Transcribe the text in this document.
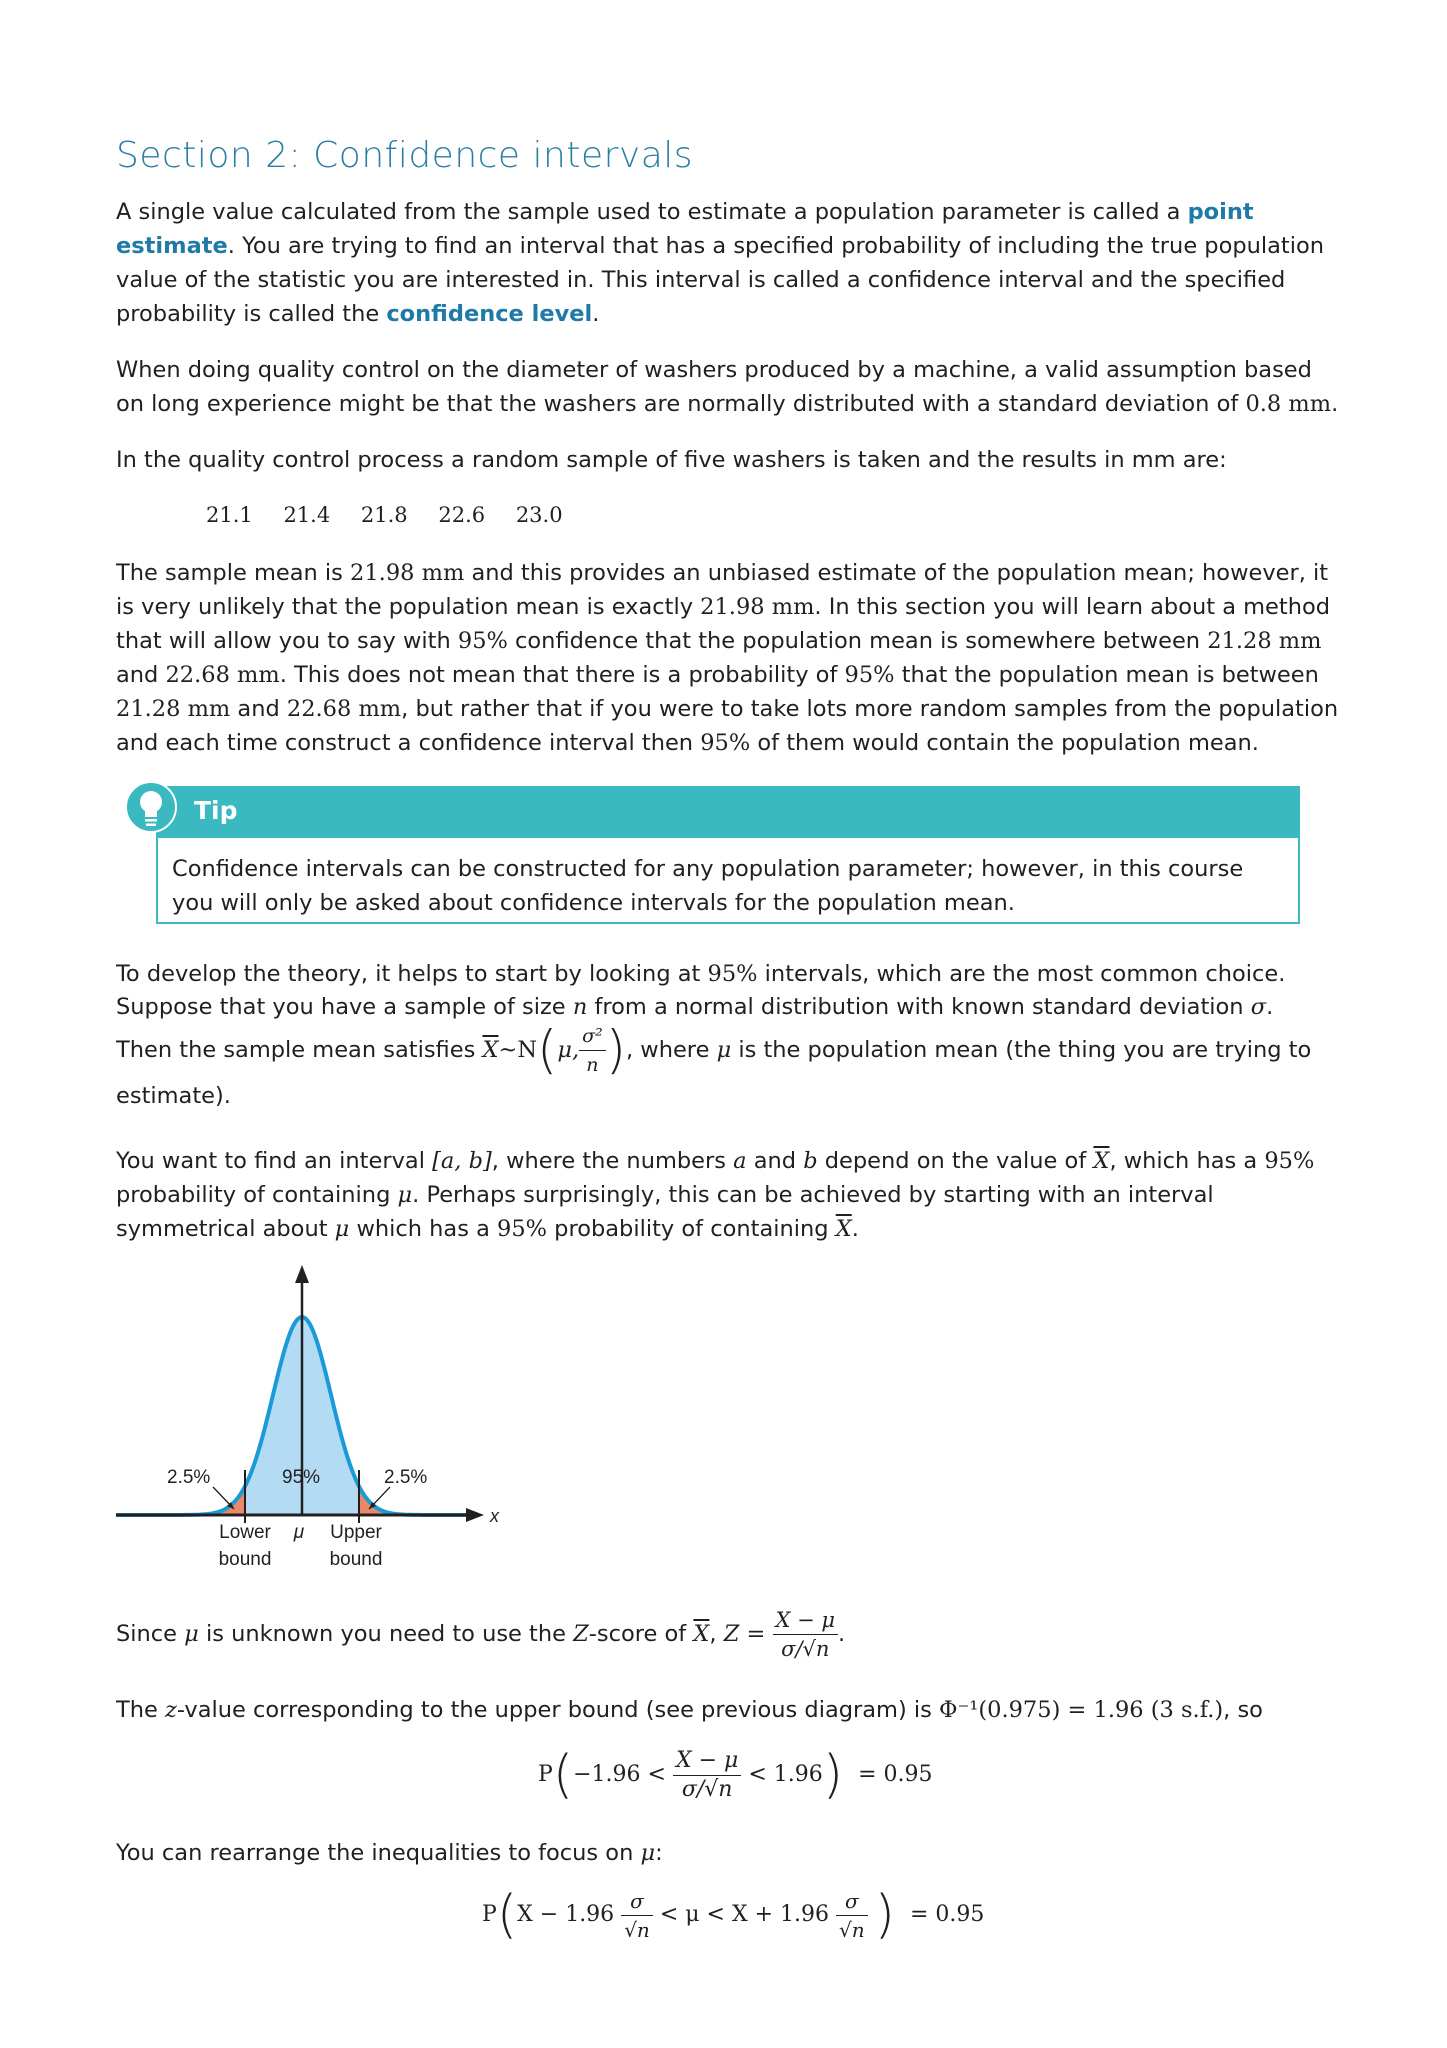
Section 2: Confidence intervals

A single value calculated from the sample used to estimate a population parameter is called a point estimate. You are trying to find an interval that has a specified probability of including the true population value of the statistic you are interested in. This interval is called a confidence interval and the specified probability is called the confidence level.

When doing quality control on the diameter of washers produced by a machine, a valid assumption based on long experience might be that the washers are normally distributed with a standard deviation of 0.8 mm.

In the quality control process a random sample of five washers is taken and the results in mm are:

21.1 21.4 21.8 22.6 23.0

The sample mean is 21.98 mm and this provides an unbiased estimate of the population mean; however, it is very unlikely that the population mean is exactly 21.98 mm. In this section you will learn about a method that will allow you to say with 95% confidence that the population mean is somewhere between 21.28 mm and 22.68 mm. This does not mean that there is a probability of 95% that the population mean is between 21.28 mm and 22.68 mm, but rather that if you were to take lots more random samples from the population and each time construct a confidence interval then 95% of them would contain the population mean.

Tip
Confidence intervals can be constructed for any population parameter; however, in this course you will only be asked about confidence intervals for the population mean.

To develop the theory, it helps to start by looking at 95% intervals, which are the most common choice. Suppose that you have a sample of size n from a normal distribution with known standard deviation σ.

Then the sample mean satisfies $\overline{X}\sim N(\mu$, $\frac{\text{σ²}}{n}$ ), where μ is the population mean (the thing you are trying to estimate).

You want to find an interval [a, b], where the numbers a and b depend on the value of $\overline{X}$, which has a 95% probability of containing μ. Perhaps surprisingly, this can be achieved by starting with an interval symmetrical about μ which has a 95% probability of containing $\overline{X}$.

2.5%	95%	2.5%
x
Lower bound
μ Upper bound

Since μ is unknown you need to use the Z-score of $\overline{X}$, $Z = \frac{X - \mu}{\sigma/√n}$ .

The z-value corresponding to the upper bound (see previous diagram) is Φ⁻¹(0.975) = 1.96 (3 s.f.), so

$P(-1.96 < \frac{X - \mu}{\sigma/√n} < 1.96) = 0.95$

You can rearrange the inequalities to focus on μ:

$P(X - 1.96 \frac{\sigma}{√n} < \mu < X + 1.96 \frac{\sigma}{√n}$ ) = 0.95
